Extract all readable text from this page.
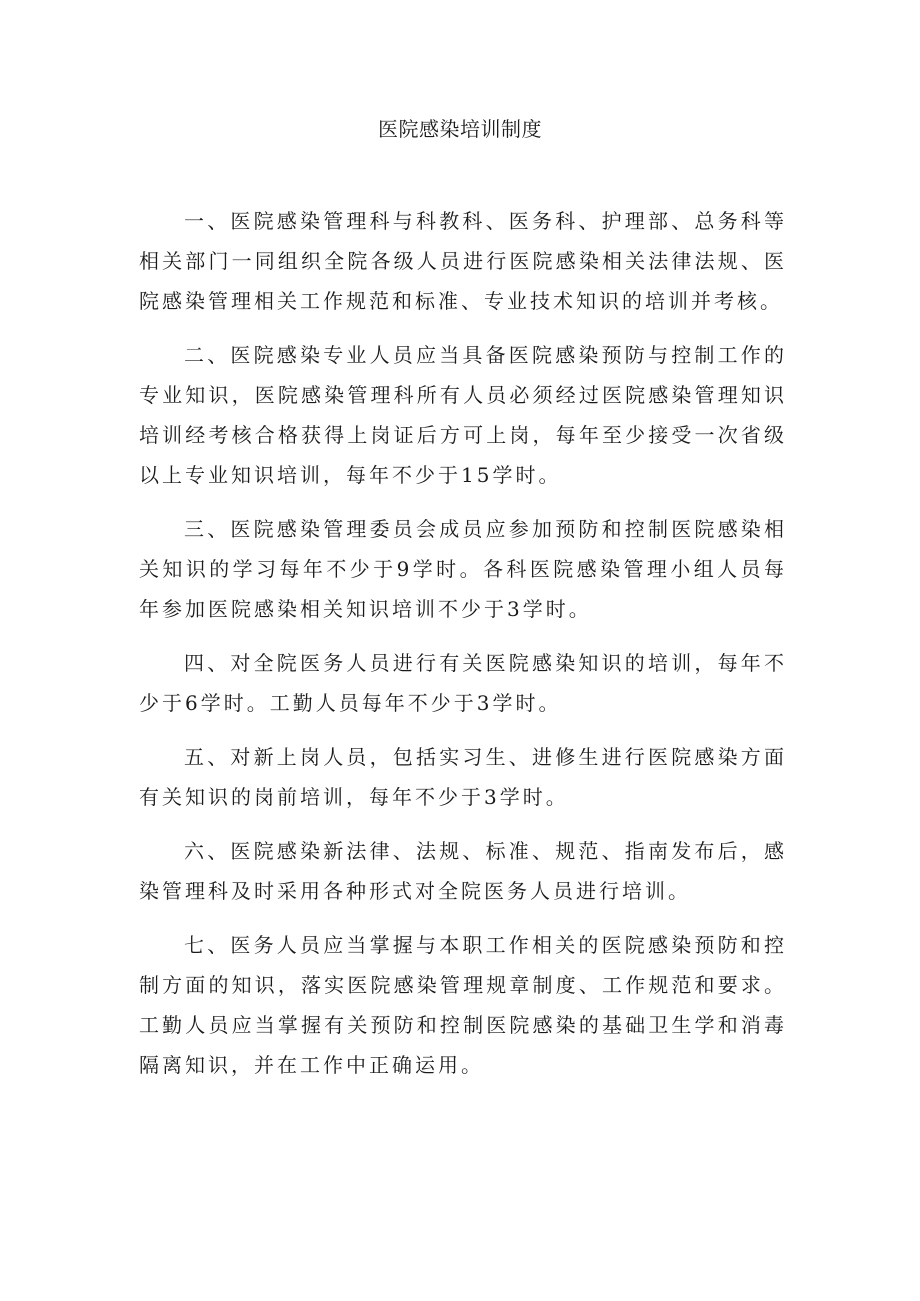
医院感染培训制度

一、医院感染管理科与科教科、医务科、护理部、总务科等相关部门一同组织全院各级人员进行医院感染相关法律法规、医院感染管理相关工作规范和标准、专业技术知识的培训并考核。

二、医院感染专业人员应当具备医院感染预防与控制工作的专业知识，医院感染管理科所有人员必须经过医院感染管理知识培训经考核合格获得上岗证后方可上岗，每年至少接受一次省级以上专业知识培训，每年不少于15学时。

三、医院感染管理委员会成员应参加预防和控制医院感染相关知识的学习每年不少于9学时。各科医院感染管理小组人员每年参加医院感染相关知识培训不少于3学时。

四、对全院医务人员进行有关医院感染知识的培训，每年不少于6学时。工勤人员每年不少于3学时。

五、对新上岗人员，包括实习生、进修生进行医院感染方面有关知识的岗前培训，每年不少于3学时。

六、医院感染新法律、法规、标准、规范、指南发布后，感染管理科及时采用各种形式对全院医务人员进行培训。

七、医务人员应当掌握与本职工作相关的医院感染预防和控制方面的知识，落实医院感染管理规章制度、工作规范和要求。工勤人员应当掌握有关预防和控制医院感染的基础卫生学和消毒隔离知识，并在工作中正确运用。
